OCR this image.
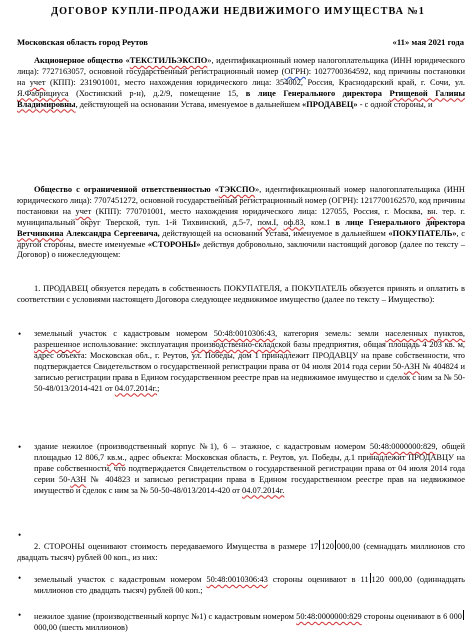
ДОГОВОР КУПЛИ-ПРОДАЖИ НЕДВИЖИМОГО ИМУЩЕСТВА №1
Московская область город Реутов	«11» мая 2021 года
Акционерное общество «ТЕКСТИЛЬЭКСПО», идентификационный номер налогоплательщика (ИНН юридического лица): 7727163057, основной государственный регистрационный номер (ОГРН): 1027700364592, код причины постановки на учет (КПП): 231901001, место нахождения юридического лица: 354002, Россия, Краснодарский край, г. Сочи, ул. Я.Фабрициуса (Хостинский р-н), д.2/9, помещение 15, в лице Генерального директора Ртищевой Галины Владимировны, действующей на основании Устава, именуемое в дальнейшем «ПРОДАВЕЦ» - с одной стороны, и
Общество с ограниченной ответственностью «ТЭКСПО», идентификационный номер налогоплательщика (ИНН юридического лица): 7707451272, основной государственный регистрационный номер (ОГРН): 1217700162570, код причины постановки на учет (КПП): 770701001, место нахождения юридического лица: 127055, Россия, г. Москва, вн. тер. г. муниципальный округ Тверской, туп. 1-й Тихвинский, д.5-7, пом.I, оф.83, ком.1 в лице Генерального директора Ветчинкина Александра Сергеевича, действующей на основании Устава, именуемое в дальнейшем «ПОКУПАТЕЛЬ», с другой стороны, вместе именуемые «СТОРОНЫ» действуя добровольно, заключили настоящий договор (далее по тексту – Договор) о нижеследующем:
1. ПРОДАВЕЦ обязуется передать в собственность ПОКУПАТЕЛЯ, а ПОКУПАТЕЛЬ обязуется принять и оплатить в соответствии с условиями настоящего Договора следующее недвижимое имущество (далее по тексту – Имущество):
• земельный участок с кадастровым номером 50:48:0010306:43, категория земель: земли населенных пунктов, разрешенное использование: эксплуатация производственно-складской базы предприятия, общая площадь 4 203 кв. м, адрес объекта: Московская обл., г. Реутов, ул. Победы, дом 1 принадлежит ПРОДАВЦУ на праве собственности, что подтверждается Свидетельством о государственной регистрации права от 04 июля 2014 года серии 50-АЗН № 404824 и записью регистрации права в Едином государственном реестре прав на недвижимое имущество и сделок с ним за № 50-50-48/013/2014-421 от 04.07.2014г.;
• здание нежилое (производственный корпус №1), 6 – этажное, с кадастровым номером 50:48:0000000:829, общей площадью 12 806,7 кв.м., адрес объекта: Московская область, г. Реутов, ул. Победы, д.1 принадлежит ПРОДАВЦУ на праве собственности, что подтверждается Свидетельством о государственной регистрации права от 04 июля 2014 года серии 50-АЗН № 404823 и записью регистрации права в Едином государственном реестре прав на недвижимое имущество и сделок с ним за № 50-50-48/013/2014-420 от 04.07.2014г.
•
2. СТОРОНЫ оценивают стоимость передаваемого Имущества в размере 17 120 000,00 (семнадцать миллионов сто двадцать тысяч) рублей 00 коп., из них:
• земельный участок с кадастровым номером 50:48:0010306:43 стороны оценивают в 11 120 000,00 (одиннадцать миллионов сто двадцать тысяч) рублей 00 коп.;
• нежилое здание (производственный корпус №1) с кадастровым номером 50:48:0000000:829 стороны оценивают в 6 000000,00 (шесть миллионов)
